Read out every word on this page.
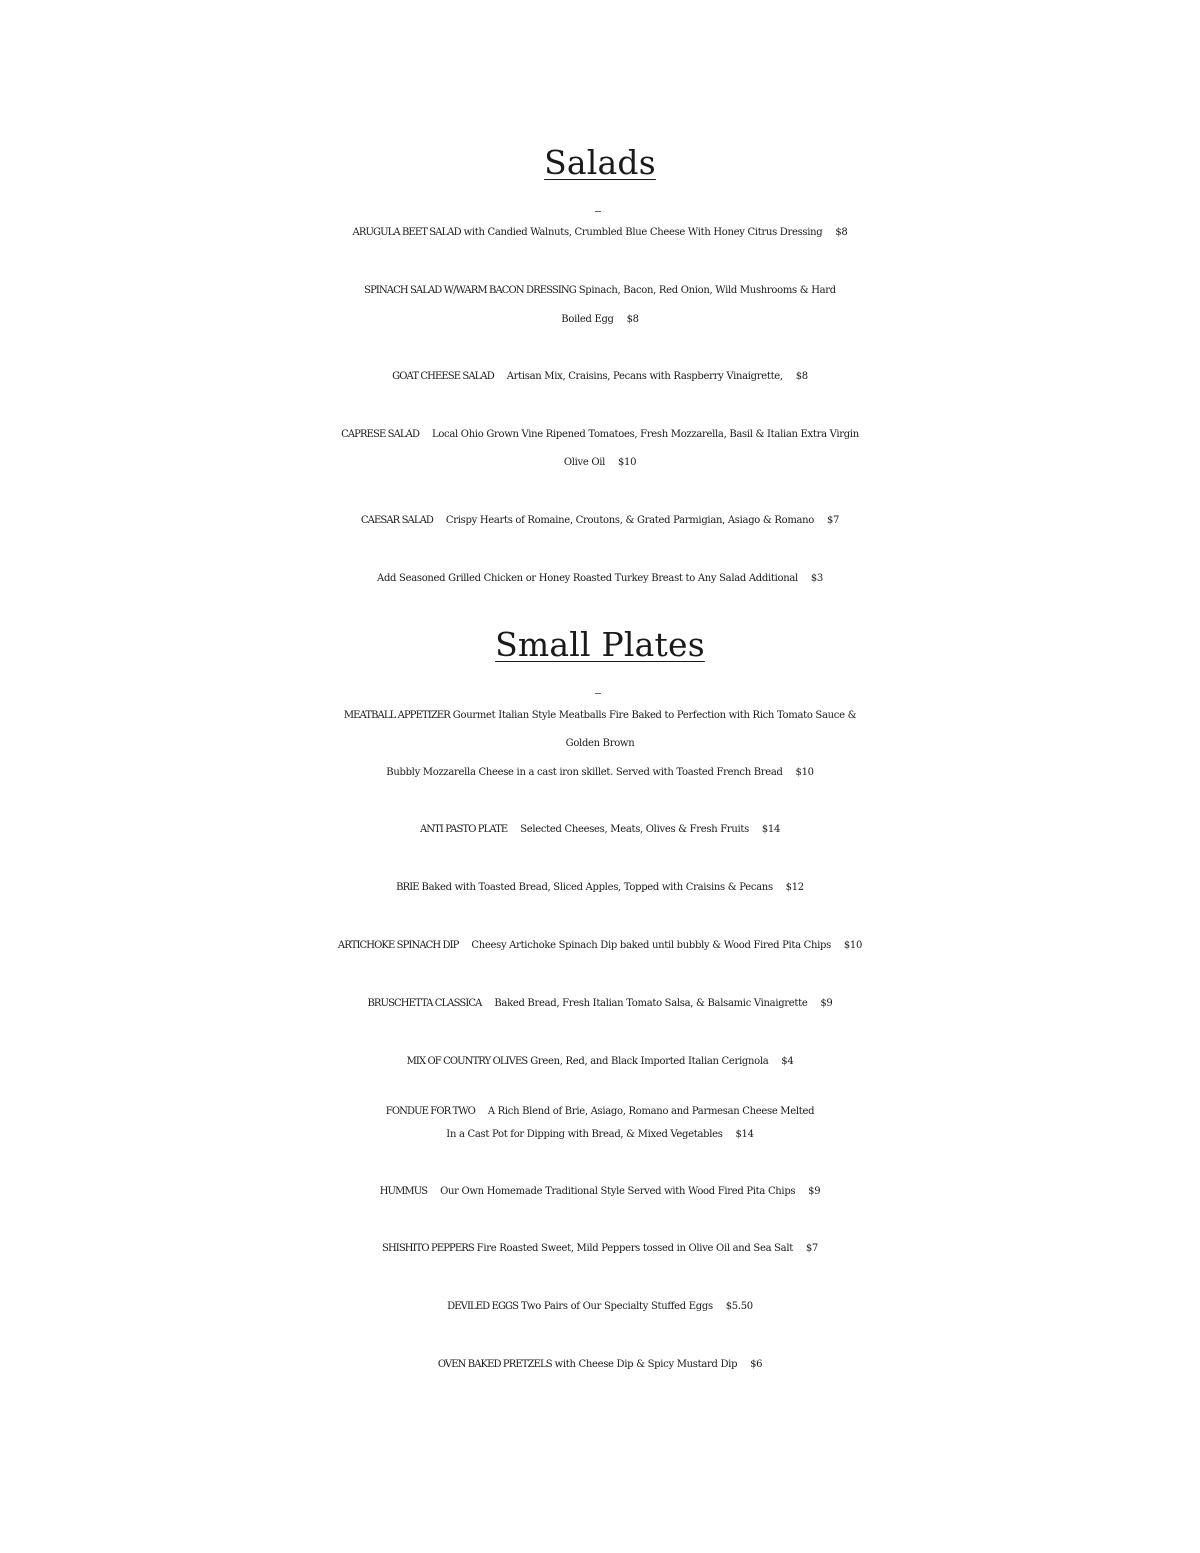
Salads
ARUGULA BEET SALAD with Candied Walnuts, Crumbled Blue Cheese With Honey Citrus Dressing $8
SPINACH SALAD W/WARM BACON DRESSING Spinach, Bacon, Red Onion, Wild Mushrooms & Hard
Boiled Egg $8
GOAT CHEESE SALAD Artisan Mix, Craisins, Pecans with Raspberry Vinaigrette, $8
CAPRESE SALAD Local Ohio Grown Vine Ripened Tomatoes, Fresh Mozzarella, Basil & Italian Extra Virgin
Olive Oil $10
CAESAR SALAD Crispy Hearts of Romaine, Croutons, & Grated Parmigian, Asiago & Romano $7
Add Seasoned Grilled Chicken or Honey Roasted Turkey Breast to Any Salad Additional $3
Small Plates
MEATBALL APPETIZER Gourmet Italian Style Meatballs Fire Baked to Perfection with Rich Tomato Sauce &
Golden Brown
Bubbly Mozzarella Cheese in a cast iron skillet. Served with Toasted French Bread $10
ANTI PASTO PLATE Selected Cheeses, Meats, Olives & Fresh Fruits $14
BRIE Baked with Toasted Bread, Sliced Apples, Topped with Craisins & Pecans $12
ARTICHOKE SPINACH DIP Cheesy Artichoke Spinach Dip baked until bubbly & Wood Fired Pita Chips $10
BRUSCHETTA CLASSICA Baked Bread, Fresh Italian Tomato Salsa, & Balsamic Vinaigrette $9
MIX OF COUNTRY OLIVES Green, Red, and Black Imported Italian Cerignola $4
FONDUE FOR TWO A Rich Blend of Brie, Asiago, Romano and Parmesan Cheese Melted
In a Cast Pot for Dipping with Bread, & Mixed Vegetables $14
HUMMUS Our Own Homemade Traditional Style Served with Wood Fired Pita Chips $9
SHISHITO PEPPERS Fire Roasted Sweet, Mild Peppers tossed in Olive Oil and Sea Salt $7
DEVILED EGGS Two Pairs of Our Specialty Stuffed Eggs $5.50
OVEN BAKED PRETZELS with Cheese Dip & Spicy Mustard Dip $6
